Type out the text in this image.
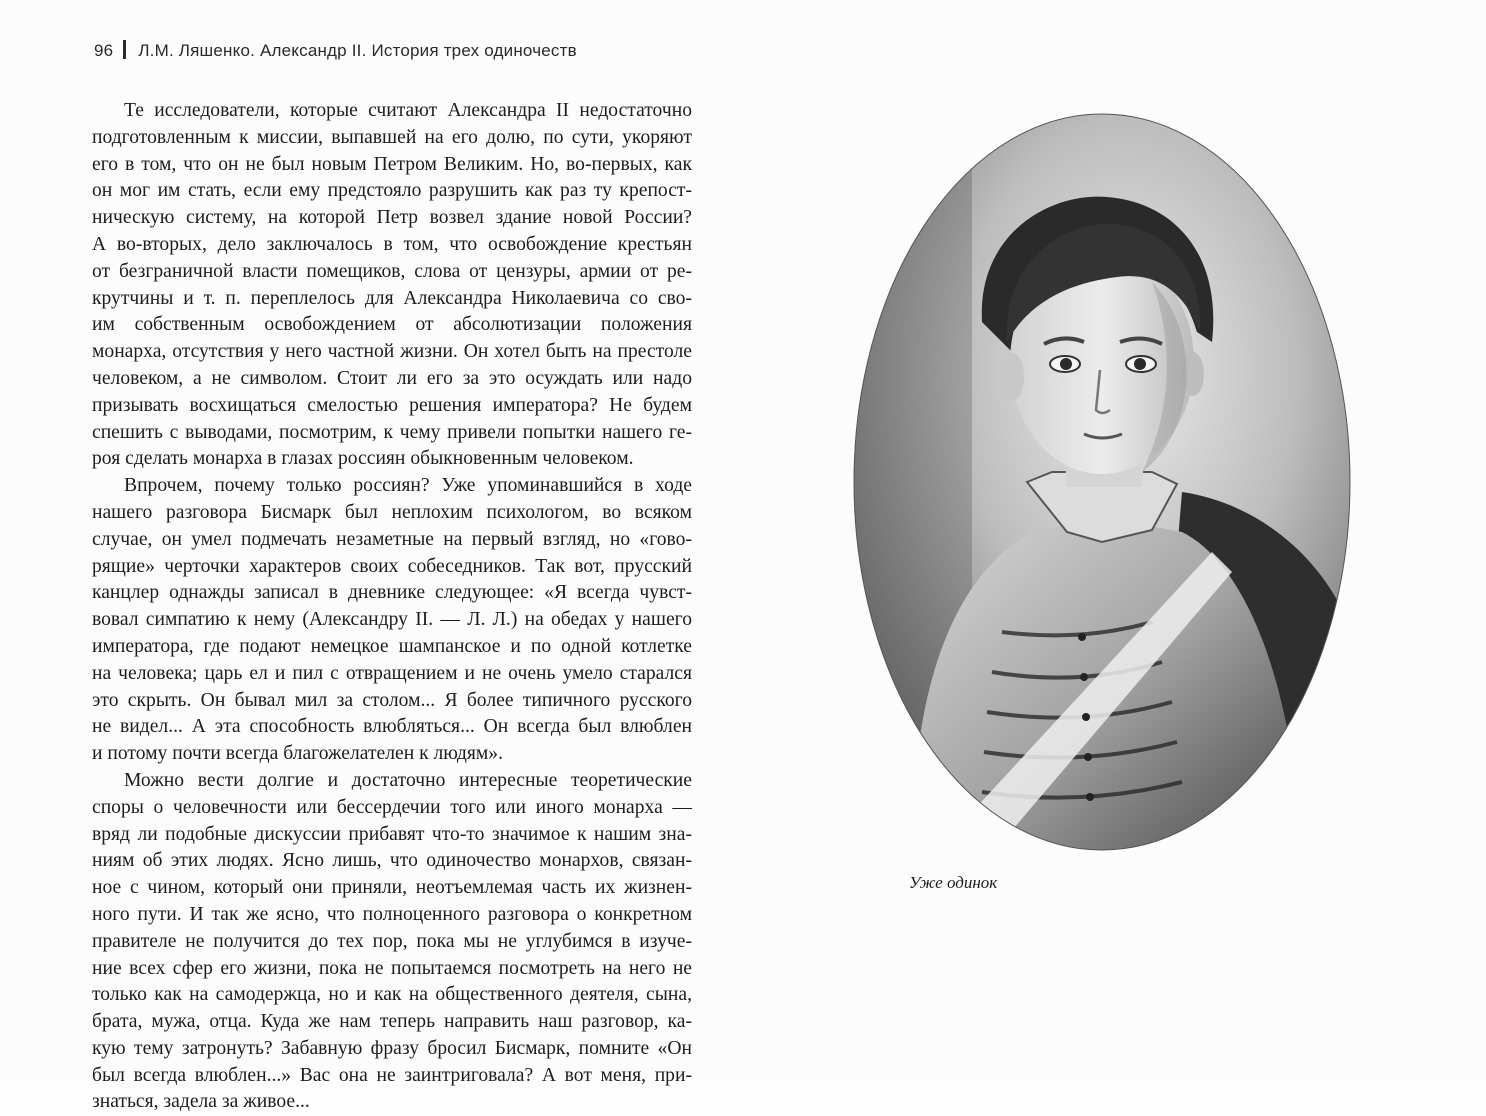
96 Л.М. Ляшенко. Александр II. История трех одиночеств
Те исследователи, которые считают Александра II недостаточно
подготовленным к миссии, выпавшей на его долю, по сути, укоряют
его в том, что он не был новым Петром Великим. Но, во-первых, как
он мог им стать, если ему предстояло разрушить как раз ту крепост-
ническую систему, на которой Петр возвел здание новой России?
А во-вторых, дело заключалось в том, что освобождение крестьян
от безграничной власти помещиков, слова от цензуры, армии от ре-
крутчины и т. п. переплелось для Александра Николаевича со сво-
им собственным освобождением от абсолютизации положения
монарха, отсутствия у него частной жизни. Он хотел быть на престоле
человеком, а не символом. Стоит ли его за это осуждать или надо
призывать восхищаться смелостью решения императора? Не будем
спешить с выводами, посмотрим, к чему привели попытки нашего ге-
роя сделать монарха в глазах россиян обыкновенным человеком.
Впрочем, почему только россиян? Уже упоминавшийся в ходе
нашего разговора Бисмарк был неплохим психологом, во всяком
случае, он умел подмечать незаметные на первый взгляд, но «гово-
рящие» черточки характеров своих собеседников. Так вот, прусский
канцлер однажды записал в дневнике следующее: «Я всегда чувст-
вовал симпатию к нему (Александру II. — Л. Л.) на обедах у нашего
императора, где подают немецкое шампанское и по одной котлетке
на человека; царь ел и пил с отвращением и не очень умело старался
это скрыть. Он бывал мил за столом... Я более типичного русского
не видел... А эта способность влюбляться... Он всегда был влюблен
и потому почти всегда благожелателен к людям».
Можно вести долгие и достаточно интересные теоретические
споры о человечности или бессердечии того или иного монарха —
вряд ли подобные дискуссии прибавят что-то значимое к нашим зна-
ниям об этих людях. Ясно лишь, что одиночество монархов, связан-
ное с чином, который они приняли, неотъемлемая часть их жизнен-
ного пути. И так же ясно, что полноценного разговора о конкретном
правителе не получится до тех пор, пока мы не углубимся в изуче-
ние всех сфер его жизни, пока не попытаемся посмотреть на него не
только как на самодержца, но и как на общественного деятеля, сына,
брата, мужа, отца. Куда же нам теперь направить наш разговор, ка-
кую тему затронуть? Забавную фразу бросил Бисмарк, помните «Он
был всегда влюблен...» Вас она не заинтриговала? А вот меня, при-
знаться, задела за живое...
Уже одинок
